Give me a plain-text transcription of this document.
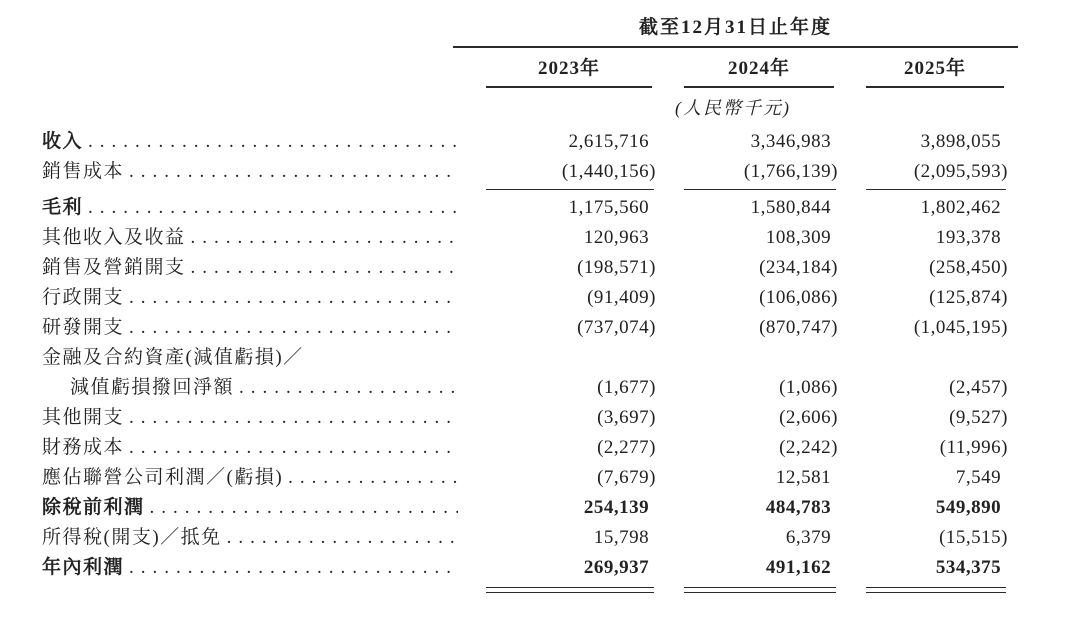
截至12月31日止年度
2023年	2024年	2025年
(人民幣千元)
收入 .....	2,615,716	3,346,983	3,898,055
銷售成本 .....	(1,440,156)	(1,766,139)	(2,095,593)
毛利 .....	1,175,560	1,580,844	1,802,462
其他收入及收益 .....	120,963	108,309	193,378
銷售及營銷開支 .....	(198,571)	(234,184)	(258,450)
行政開支 .....	(91,409)	(106,086)	(125,874)
研發開支 .....	(737,074)	(870,747)	(1,045,195)
金融及合約資產(減值虧損)／
減值虧損撥回淨額 .....	(1,677)	(1,086)	(2,457)
其他開支 .....	(3,697)	(2,606)	(9,527)
財務成本 .....	(2,277)	(2,242)	(11,996)
應佔聯營公司利潤／(虧損) .....	(7,679)	12,581	7,549
除稅前利潤 .....	254,139	484,783	549,890
所得稅(開支)／抵免 .....	15,798	6,379	(15,515)
年內利潤 .....	269,937	491,162	534,375
